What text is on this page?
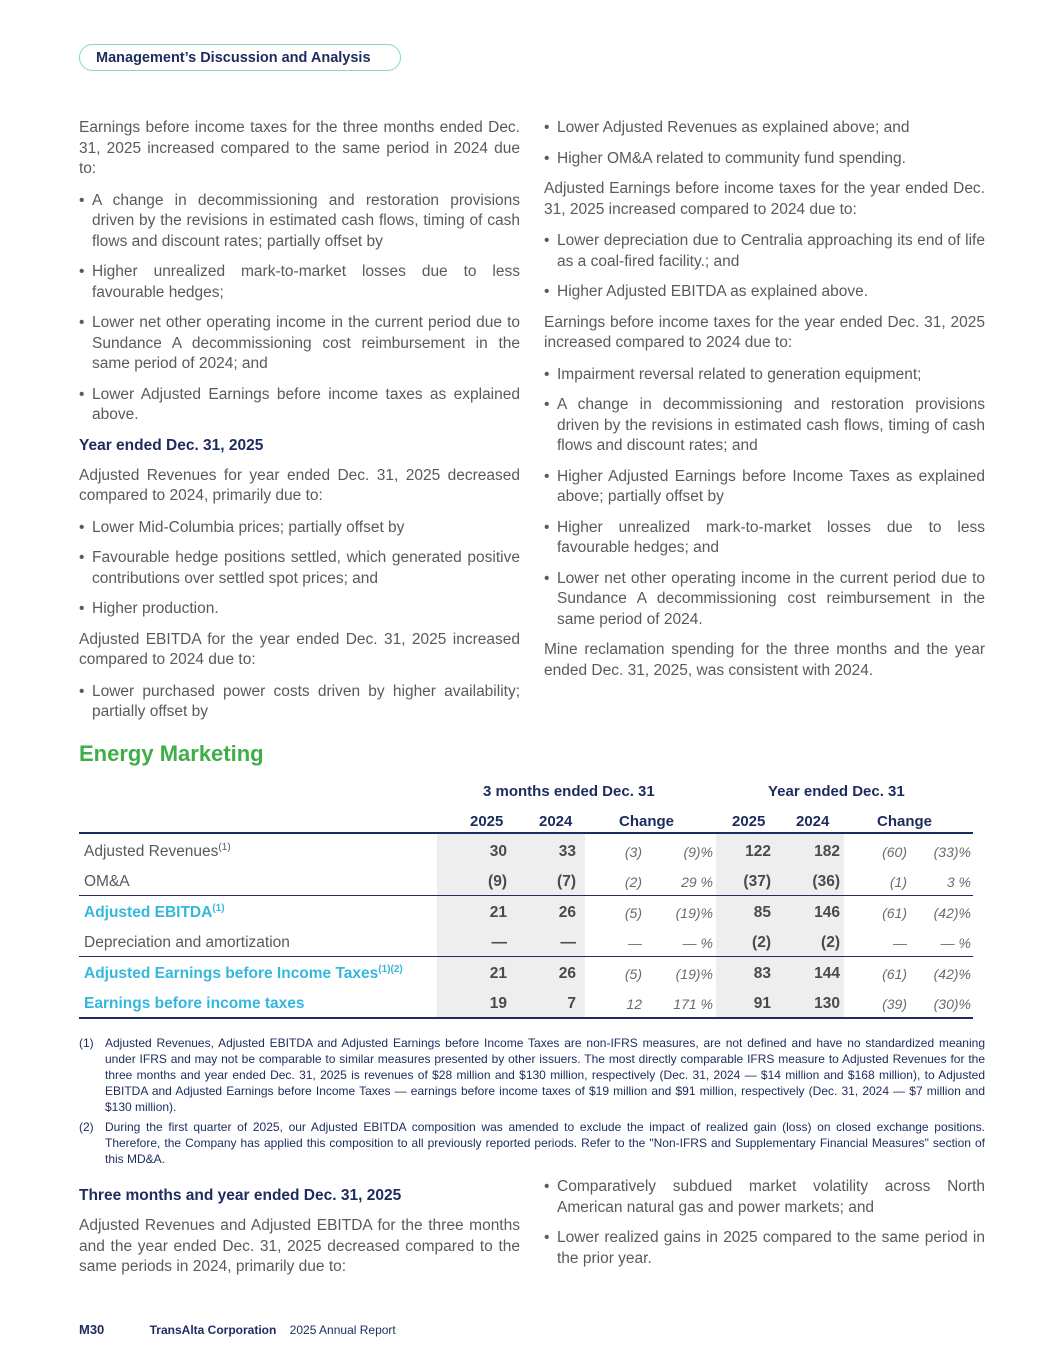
Management’s Discussion and Analysis

Earnings before income taxes for the three months ended Dec. 31, 2025 increased compared to the same period in 2024 due to:

• A change in decommissioning and restoration provisions driven by the revisions in estimated cash flows, timing of cash flows and discount rates; partially offset by
• Higher unrealized mark-to-market losses due to less favourable hedges;
• Lower net other operating income in the current period due to Sundance A decommissioning cost reimbursement in the same period of 2024; and
• Lower Adjusted Earnings before income taxes as explained above.
Year ended Dec. 31, 2025

Adjusted Revenues for year ended Dec. 31, 2025 decreased compared to 2024, primarily due to:

• Lower Mid-Columbia prices; partially offset by
• Favourable hedge positions settled, which generated positive contributions over settled spot prices; and
• Higher production.

Adjusted EBITDA for the year ended Dec. 31, 2025 increased compared to 2024 due to:

• Lower purchased power costs driven by higher availability; partially offset by
• Lower Adjusted Revenues as explained above; and
• Higher OM&A related to community fund spending.

Adjusted Earnings before income taxes for the year ended Dec. 31, 2025 increased compared to 2024 due to:

• Lower depreciation due to Centralia approaching its end of life as a coal-fired facility.; and
• Higher Adjusted EBITDA as explained above.

Earnings before income taxes for the year ended Dec. 31, 2025 increased compared to 2024 due to:

• Impairment reversal related to generation equipment;
• A change in decommissioning and restoration provisions driven by the revisions in estimated cash flows, timing of cash flows and discount rates; and
• Higher Adjusted Earnings before Income Taxes as explained above; partially offset by
• Higher unrealized mark-to-market losses due to less favourable hedges; and
• Lower net other operating income in the current period due to Sundance A decommissioning cost reimbursement in the same period of 2024.

Mine reclamation spending for the three months and the year ended Dec. 31, 2025, was consistent with 2024.

Energy Marketing
3 months ended Dec. 31	Year ended Dec. 31
2025 2024	Change	2025 2024	Change
Adjusted Revenues$^{(1)}$	30	33	(3)	(9)%	122	182	(60)	(33)%
OM&A	(9)	(7)	(2)	29 %	(37)	(36)	(1)	3 %
Adjusted EBITDA$^{(1)}$	21	26	(5)	(19)%	85	146	(61)	(42)%
Depreciation and amortization	—	—	—	— %	(2)	(2)	—	— %
Adjusted Earnings before Income Taxes$^{(1)(2)}$	21	26	(5)	(19)%	83	144	(61)	(42)%
Earnings before income taxes	19	7	12	171 %	91	130	(39)	(30)%
(1) Adjusted Revenues, Adjusted EBITDA and Adjusted Earnings before Income Taxes are non-IFRS measures, are not defined and have no standardized meaning under IFRS and may not be comparable to similar measures presented by other issuers. The most directly comparable IFRS measure to Adjusted Revenues for the three months and year ended Dec. 31, 2025 is revenues of $28 million and $130 million, respectively (Dec. 31, 2024 — $14 million and $168 million), to Adjusted EBITDA and Adjusted Earnings before Income Taxes — earnings before income taxes of $19 million and $91 million, respectively (Dec. 31, 2024 — $7 million and $130 million).
(2) During the first quarter of 2025, our Adjusted EBITDA composition was amended to exclude the impact of realized gain (loss) on closed exchange positions. Therefore, the Company has applied this composition to all previously reported periods. Refer to the "Non-IFRS and Supplementary Financial Measures" section of this MD&A.
Three months and year ended Dec. 31, 2025

Adjusted Revenues and Adjusted EBITDA for the three months and the year ended Dec. 31, 2025 decreased compared to the same periods in 2024, primarily due to:

• Comparatively subdued market volatility across North American natural gas and power markets; and
• Lower realized gains in 2025 compared to the same period in the prior year.
M30	TransAlta Corporation 2025 Annual Report
